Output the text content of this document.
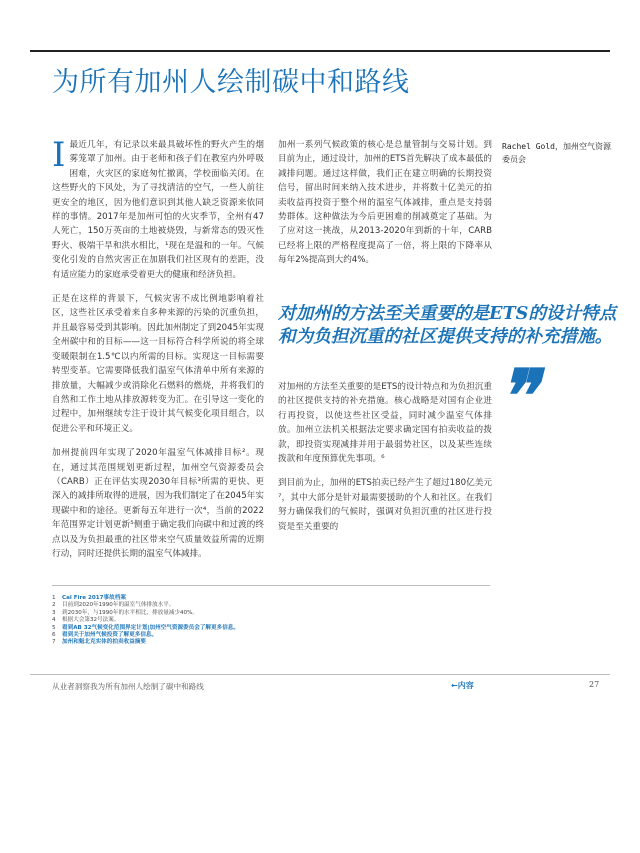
为所有加州人绘制碳中和路线

I最近几年，有记录以来最具破坏性的野火产生的烟雾笼罩了加州。由于老师和孩子们在教室内外呼吸困难，火灾区的家庭匆忙撤离，学校面临关闭。在这些野火的下风处，为了寻找清洁的空气，一些人前往更安全的地区，因为他们意识到其他人缺乏资源来依同样的事情。2017年是加州可怕的火灾季节，全州有47人死亡，150万英亩的土地被烧毁，与新常态的毁灭性野火、极端干旱和洪水相比，¹现在是温和的一年。气候变化引发的自然灾害正在加剧我们社区现有的差距，没有适应能力的家庭承受着更大的健康和经济负担。

正是在这样的背景下，气候灾害不成比例地影响着社区，这些社区承受着来自多种来源的污染的沉重负担，并且最容易受到其影响。因此加州制定了到2045年实现全州碳中和的目标——这一目标符合科学所说的将全球变暖限制在1.5℃以内所需的目标。实现这一目标需要转型变革。它需要降低我们温室气体清单中所有来源的排放量，大幅减少或消除化石燃料的燃烧，并将我们的自然和工作土地从排放源转变为汇。在引导这一变化的过程中，加州继续专注于设计其气候变化项目组合，以促进公平和环境正义。

加州提前四年实现了2020年温室气体减排目标²。现在，通过其范围规划更新过程，加州空气资源委员会（CARB）正在评估实现2030年目标³所需的更快、更深入的减排所取得的进展，因为我们制定了在2045年实现碳中和的途径。更新每五年进行一次⁴，当前的2022年范围界定计划更新⁵侧重于确定我们向碳中和过渡的终点以及为负担最重的社区带来空气质量效益所需的近期行动，同时还提供长期的温室气体减排。

加州一系列气候政策的核心是总量管制与交易计划。到目前为止，通过设计，加州的ETS首先解决了成本最低的减排问题。通过这样做，我们正在建立明确的长期投资信号，留出时间来纳入技术进步，并将数十亿美元的拍卖收益再投资于整个州的温室气体减排，重点是支持弱势群体。这种做法为今后更困难的削减奠定了基础。为了应对这一挑战，从2013-2020年到新的十年，CARB已经将上限的严格程度提高了一倍，将上限的下降率从每年2%提高到大约4%。

Rachel Gold，加州空气资源委员会

对加州的方法至关重要的是ETS的设计特点和为负担沉重的社区提供支持的补充措施。

❞

对加州的方法至关重要的是ETS的设计特点和为负担沉重的社区提供支持的补充措施。核心战略是对国有企业进行再投资，以使这些社区受益，同时减少温室气体排放。加州立法机关根据法定要求确定国有拍卖收益的拨款，即投资实现减排并用于最弱势社区，以及某些连续拨款和年度预算优先事项。⁶

到目前为止，加州的ETS拍卖已经产生了超过180亿美元⁷，其中大部分是针对最需要援助的个人和社区。在我们努力确保我们的气候时，强调对负担沉重的社区进行投资是至关重要的

1 Cal Fire 2017事故档案
2 目前到2020年1990年的温室气体排放水平。
3 到2030年，与1990年的水平相比，排放量减少40%。
4 根据大会第32号法案。
5 看到AB 32气候变化范围界定计划|加州空气资源委员会了解更多信息。
6 看到关于加州气候投资了解更多信息。
7 加州和魁北克实体的拍卖收益摘要
从业者洞察我为所有加州人绘制了碳中和路线	←内容	27
